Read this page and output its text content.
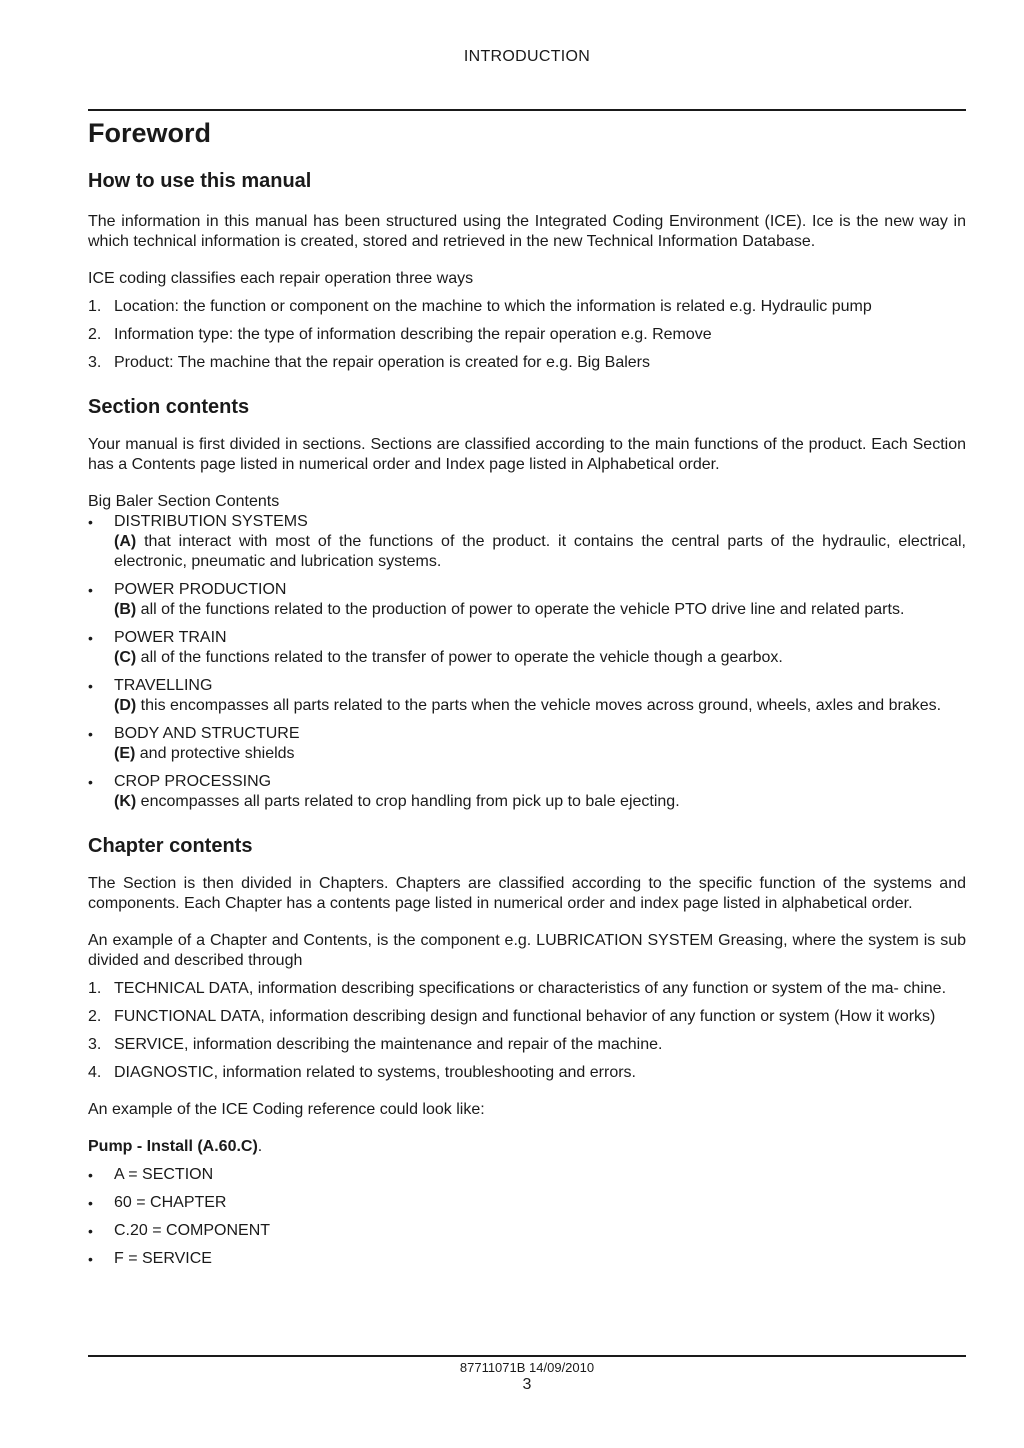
INTRODUCTION
Foreword
How to use this manual

The information in this manual has been structured using the Integrated Coding Environment (ICE). Ice is the new way in which technical information is created, stored and retrieved in the new Technical Information Database.

ICE coding classifies each repair operation three ways

1. Location: the function or component on the machine to which the information is related e.g. Hydraulic pump
2. Information type: the type of information describing the repair operation e.g. Remove
3. Product: The machine that the repair operation is created for e.g. Big Balers
Section contents

Your manual is first divided in sections. Sections are classified according to the main functions of the product. Each Section has a Contents page listed in numerical order and Index page listed in Alphabetical order.

Big Baler Section Contents

• DISTRIBUTION SYSTEMS
(A) that interact with most of the functions of the product. it contains the central parts of the hydraulic, electrical, electronic, pneumatic and lubrication systems.
• POWER PRODUCTION
(B) all of the functions related to the production of power to operate the vehicle PTO drive line and related parts.
• POWER TRAIN
(C) all of the functions related to the transfer of power to operate the vehicle though a gearbox.
• TRAVELLING
(D) this encompasses all parts related to the parts when the vehicle moves across ground, wheels, axles and brakes.
• BODY AND STRUCTURE
(E) and protective shields
• CROP PROCESSING
(K) encompasses all parts related to crop handling from pick up to bale ejecting.
Chapter contents

The Section is then divided in Chapters. Chapters are classified according to the specific function of the systems and components. Each Chapter has a contents page listed in numerical order and index page listed in alphabetical order.

An example of a Chapter and Contents, is the component e.g. LUBRICATION SYSTEM Greasing, where the system is sub divided and described through

1. TECHNICAL DATA, information describing specifications or characteristics of any function or system of the ma- chine.
2. FUNCTIONAL DATA, information describing design and functional behavior of any function or system (How it works)
3. SERVICE, information describing the maintenance and repair of the machine.
4. DIAGNOSTIC, information related to systems, troubleshooting and errors.

An example of the ICE Coding reference could look like:

Pump - Install (A.60.C).

• A = SECTION
• 60 = CHAPTER
• C.20 = COMPONENT
• F = SERVICE
87711071B 14/09/2010
3
